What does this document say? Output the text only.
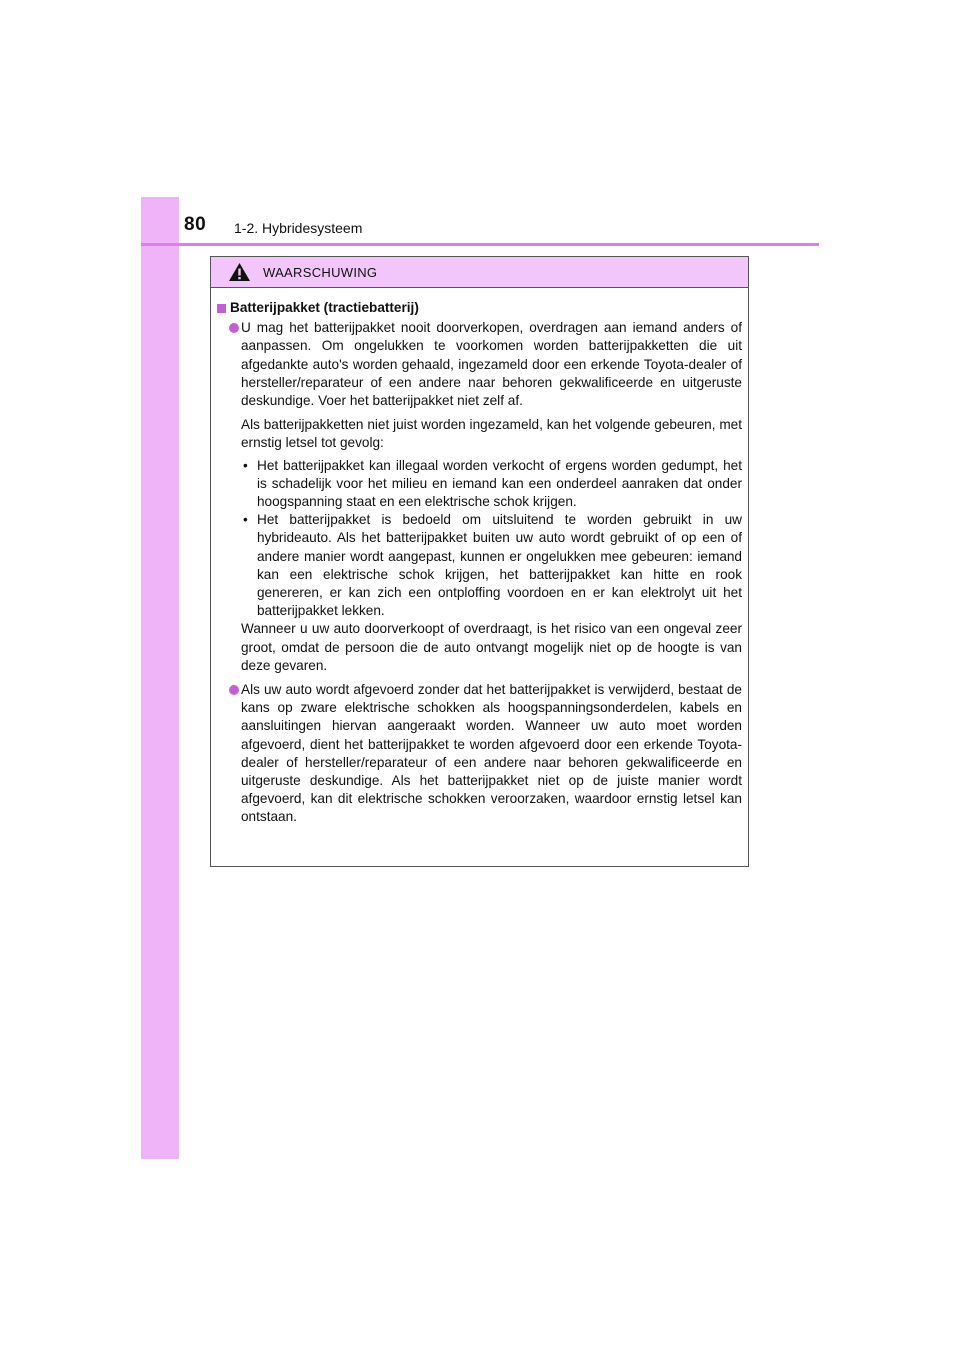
80 1-2. Hybridesysteem
WAARSCHUWING
Batterijpakket (tractiebatterij)

U mag het batterijpakket nooit doorverkopen, overdragen aan iemand anders of aanpassen. Om ongelukken te voorkomen worden batterijpakketten die uit afgedankte auto's worden gehaald, ingezameld door een erkende Toyota-dealer of hersteller/reparateur of een andere naar behoren gekwalificeerde en uitgeruste deskundige. Voer het batterijpakket niet zelf af.

Als batterijpakketten niet juist worden ingezameld, kan het volgende gebeuren, met ernstig letsel tot gevolg:

• Het batterijpakket kan illegaal worden verkocht of ergens worden gedumpt, het is schadelijk voor het milieu en iemand kan een onderdeel aanraken dat onder hoogspanning staat en een elektrische schok krijgen.
• Het batterijpakket is bedoeld om uitsluitend te worden gebruikt in uw hybrideauto. Als het batterijpakket buiten uw auto wordt gebruikt of op een of andere manier wordt aangepast, kunnen er ongelukken mee gebeuren: iemand kan een elektrische schok krijgen, het batterijpakket kan hitte en rook genereren, er kan zich een ontploffing voordoen en er kan elektrolyt uit het batterijpakket lekken.

Wanneer u uw auto doorverkoopt of overdraagt, is het risico van een ongeval zeer groot, omdat de persoon die de auto ontvangt mogelijk niet op de hoogte is van deze gevaren.

Als uw auto wordt afgevoerd zonder dat het batterijpakket is verwijderd, bestaat de kans op zware elektrische schokken als hoogspanningsonderdelen, kabels en aansluitingen hiervan aangeraakt worden. Wanneer uw auto moet worden afgevoerd, dient het batterijpakket te worden afgevoerd door een erkende Toyota-dealer of hersteller/reparateur of een andere naar behoren gekwalificeerde en uitgeruste deskundige. Als het batterijpakket niet op de juiste manier wordt afgevoerd, kan dit elektrische schokken veroorzaken, waardoor ernstig letsel kan ontstaan.
